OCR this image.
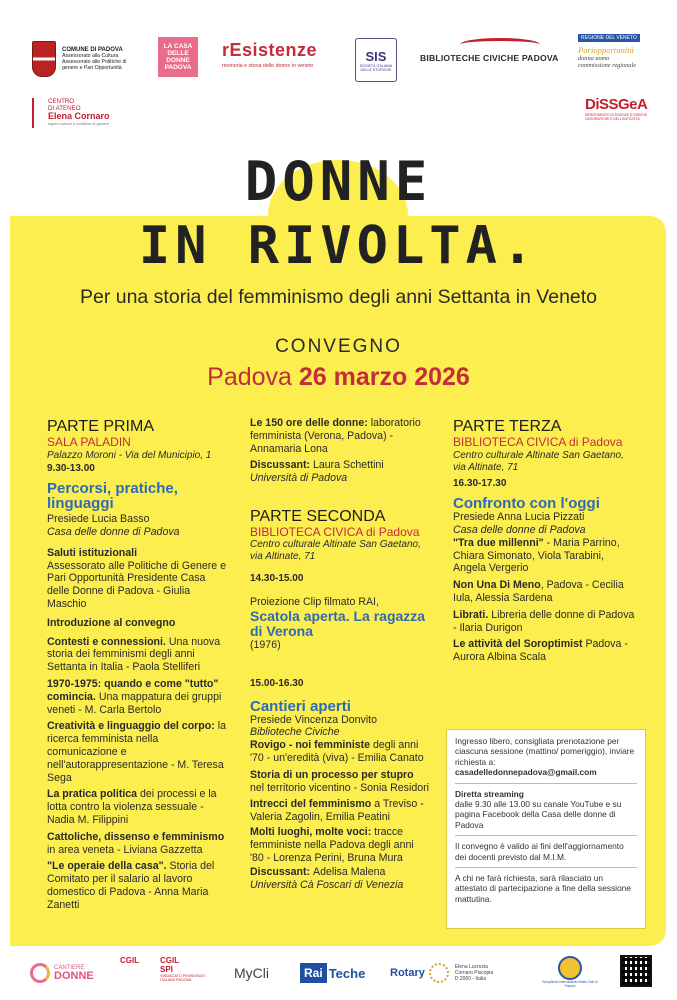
COMUNE DI PADOVA
Assessorato alla Cultura
Assessorato alle Politiche di
genere e Pari Opportunità
LA CASA DELLE DONNE PADOVA
rEsistenze
memoria e storia delle donne in veneto
SIS
SOCIETÀ ITALIANA DELLE STORICHE
BIBLIOTECHE CIVICHE PADOVA
REGIONE DEL VENETO
Pariopportunità
donna uomo
commissione regionale
CENTRO
DI ATENEO
Elena Cornaro
saperi culture e politiche di genere
DiSSGeA
DIPARTIMENTO DI SCIENZE STORICHE, GEOGRAFICHE E DELL'ANTICHITÀ
DONNE
IN RIVOLTA.
Per una storia del femminismo degli anni Settanta in Veneto
CONVEGNO
Padova 26 marzo 2026
PARTE PRIMA
SALA PALADIN
Palazzo Moroni - Via del Municipio, 1
9.30-13.00
Percorsi, pratiche, linguaggi
Presiede Lucia Basso
Casa delle donne di Padova
Saluti istituzionali
Assessorato alle Politiche di Genere e Pari Opportunità Presidente Casa delle Donne di Padova - Giulia Maschio
Introduzione al convegno
Contesti e connessioni. Una nuova storia dei femminismi degli anni Settanta in Italia - Paola Stelliferi
1970-1975: quando e come "tutto" comincia. Una mappatura dei gruppi veneti - M. Carla Bertolo
Creatività e linguaggio del corpo: la ricerca femminista nella comunicazione e nell'autorappresentazione - M. Teresa Sega
La pratica politica dei processi e la lotta contro la violenza sessuale - Nadia M. Filippini
Cattoliche, dissenso e femminismo in area veneta - Liviana Gazzetta
"Le operaie della casa". Storia del Comitato per il salario al lavoro domestico di Padova - Anna Maria Zanetti
Le 150 ore delle donne: laboratorio femminista (Verona, Padova) - Annamaria Lona
Discussant: Laura Schettini
Università di Padova
PARTE SECONDA
BIBLIOTECA CIVICA di Padova
Centro culturale Altinate San Gaetano, via Altinate, 71
14.30-15.00
Proiezione Clip filmato RAI,
Scatola aperta. La ragazza di Verona
(1976)
15.00-16.30
Cantieri aperti
Presiede Vincenza Donvito
Biblioteche Civiche
Rovigo - noi femministe degli anni '70 - un'eredità (viva) - Emilia Canato
Storia di un processo per stupro nel territorio vicentino - Sonia Residori
Intrecci del femminismo a Treviso - Valeria Zagolin, Emilia Peatini
Molti luoghi, molte voci: tracce femministe nella Padova degli anni '80 - Lorenza Perini, Bruna Mura
Discussant: Adelisa Malena
Università Cà Foscari di Venezia
PARTE TERZA
BIBLIOTECA CIVICA di Padova
Centro culturale Altinate San Gaetano, via Altinate, 71
16.30-17.30
Confronto con l'oggi
Presiede Anna Lucia Pizzati
Casa delle donne di Padova
"Tra due millenni" - Maria Parrino, Chiara Simonato, Viola Tarabini, Angela Vergerio
Non Una Di Meno, Padova - Cecilia Iula, Alessia Sardena
Librati. Libreria delle donne di Padova - Ilaria Durigon
Le attività del Soroptimist Padova - Aurora Albina Scala
Ingresso libero, consigliata prenotazione per ciascuna sessione (mattino/ pomeriggio), inviare richiesta a:
casadelledonnepadova@gmail.com
Diretta streaming
dalle 9.30 alle 13.00 su canale YouTube e su pagina Facebook della Casa delle donne di Padova
Il convegno è valido ai fini dell'aggiornamento dei docenti previsto dal M.I.M.
A chi ne farà richiesta, sarà rilasciato un attestato di partecipazione a fine della sessione mattutina.
CANTIERE
DONNE
CGIL	CGIL
SPI
SINDACATO PENSIONATI ITALIANI PADOVA	MyCli	Rai Teche Rotary	Elena Lucrezia
Cornaro Piscopia
D.2060 - Italia	Soroptimist International d'Italia Club di Padova
